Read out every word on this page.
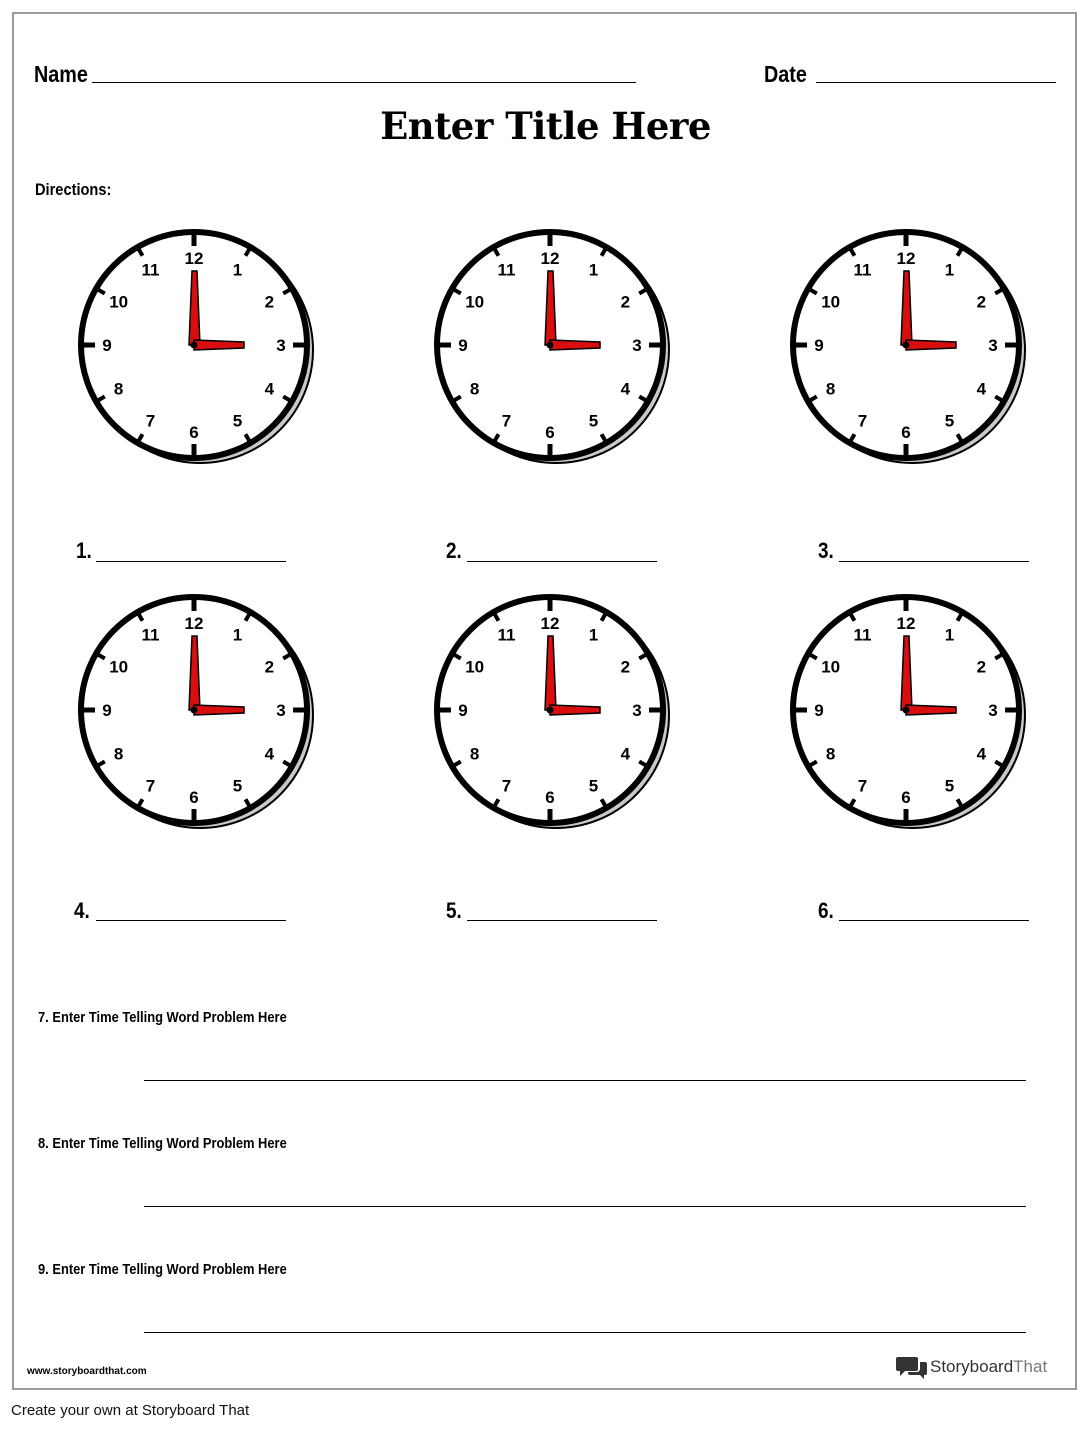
Name	Date
Enter Title Here
Directions:
12
1
2
3
4
5
6
7
8
9
10
11
12
1
2
3
4
5
6
7
8
9
10
11
12
1
2
3
4
5
6
7
8
9
10
11
12
1
2
3
4
5
6
7
8
9
10
11
12
1
2
3
4
5
6
7
8
9
10
11
12
1
2
3
4
5
6
7
8
9
10
11
1.	2.	3.
4.	5.	6.
7. Enter Time Telling Word Problem Here
8. Enter Time Telling Word Problem Here
9. Enter Time Telling Word Problem Here
www.storyboardthat.com	StoryboardThat
Create your own at Storyboard That
